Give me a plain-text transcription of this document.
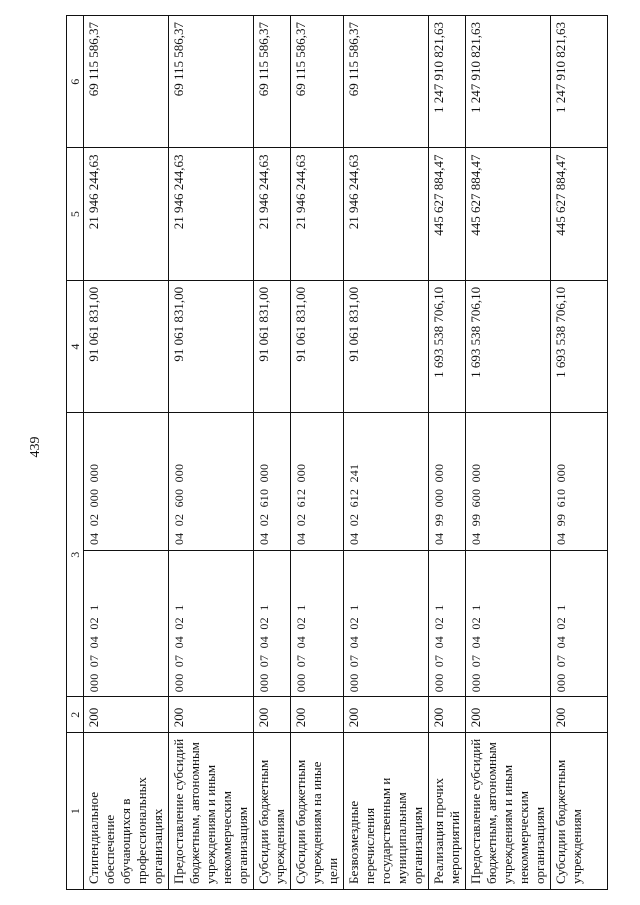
439
1	2	3		4	5	6
Стипендиальное обеспечение обучающихся в профессиональных организациях	200	000  07  04  02  1	04  02  000  000	91 061 831,00	21 946 244,63	69 115 586,37
Предоставление субсидий бюджетным, автономным учреждениям и иным некоммерческим организациям	200	000  07  04  02  1	04  02  600  000	91 061 831,00	21 946 244,63	69 115 586,37
Субсидии бюджетным учреждениям	200	000  07  04  02  1	04  02  610  000	91 061 831,00	21 946 244,63	69 115 586,37
Субсидии бюджетным учреждениям на иные цели	200	000  07  04  02  1	04  02  612  000	91 061 831,00	21 946 244,63	69 115 586,37
Безвозмездные перечисления государственным и муниципальным организациям	200	000  07  04  02  1	04  02  612  241	91 061 831,00	21 946 244,63	69 115 586,37
Реализация прочих мероприятий	200	000  07  04  02  1	04  99  000  000	1 693 538 706,10	445 627 884,47	1 247 910 821,63
Предоставление субсидий бюджетным, автономным учреждениям и иным некоммерческим организациям	200	000  07  04  02  1	04  99  600  000	1 693 538 706,10	445 627 884,47	1 247 910 821,63
Субсидии бюджетным учреждениям	200	000  07  04  02  1	04  99  610  000	1 693 538 706,10	445 627 884,47	1 247 910 821,63
